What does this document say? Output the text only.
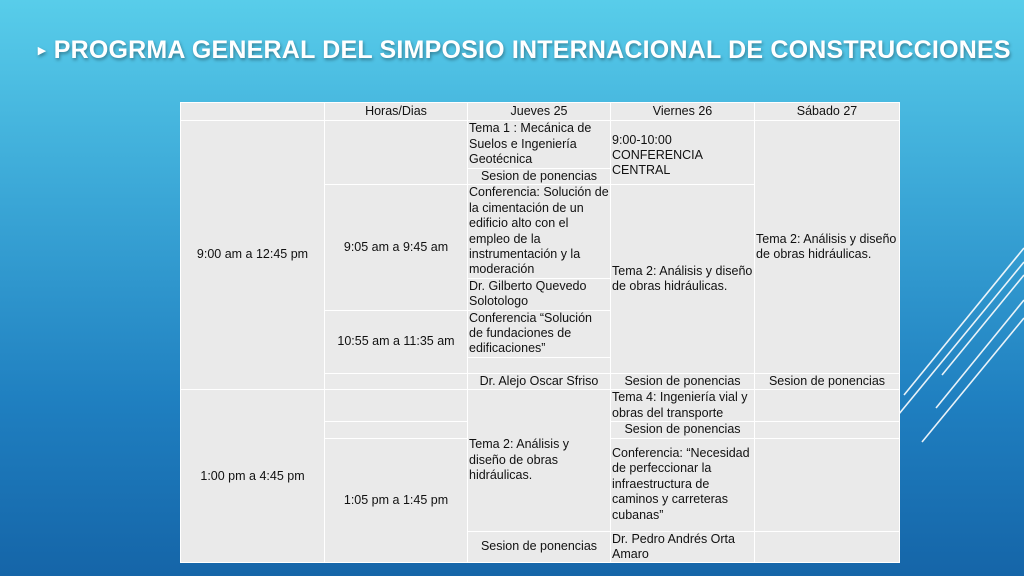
▸ PROGRMA GENERAL DEL SIMPOSIO INTERNACIONAL DE CONSTRUCCIONES
	Horas/Dias	Jueves 25	Viernes 26	Sábado 27
9:00 am a 12:45 pm		Tema 1 : Mecánica de Suelos e Ingeniería Geotécnica	9:00-10:00 CONFERENCIA CENTRAL	Tema 2: Análisis y diseño de obras hidráulicas.
		Sesion de ponencias		
	9:05 am a 9:45 am	Conferencia: Solución de la cimentación de un edificio alto con el empleo de la instrumentación y la moderación	Tema 2: Análisis y diseño de obras hidráulicas.	
		Dr. Gilberto Quevedo Solotologo		
	10:55 am a 11:35 am	Conferencia “Solución de fundaciones de edificaciones”		

		Dr. Alejo Oscar Sfriso	Sesion de ponencias	Sesion de ponencias
1:00 pm a 4:45 pm		Tema 2: Análisis y diseño de obras hidráulicas.	Tema 4: Ingeniería vial y obras del transporte	
			Sesion de ponencias	
	1:05 pm a 1:45 pm		Conferencia: “Necesidad de perfeccionar la infraestructura de caminos y carreteras cubanas”	
		Sesion de ponencias	Dr. Pedro Andrés Orta Amaro	
